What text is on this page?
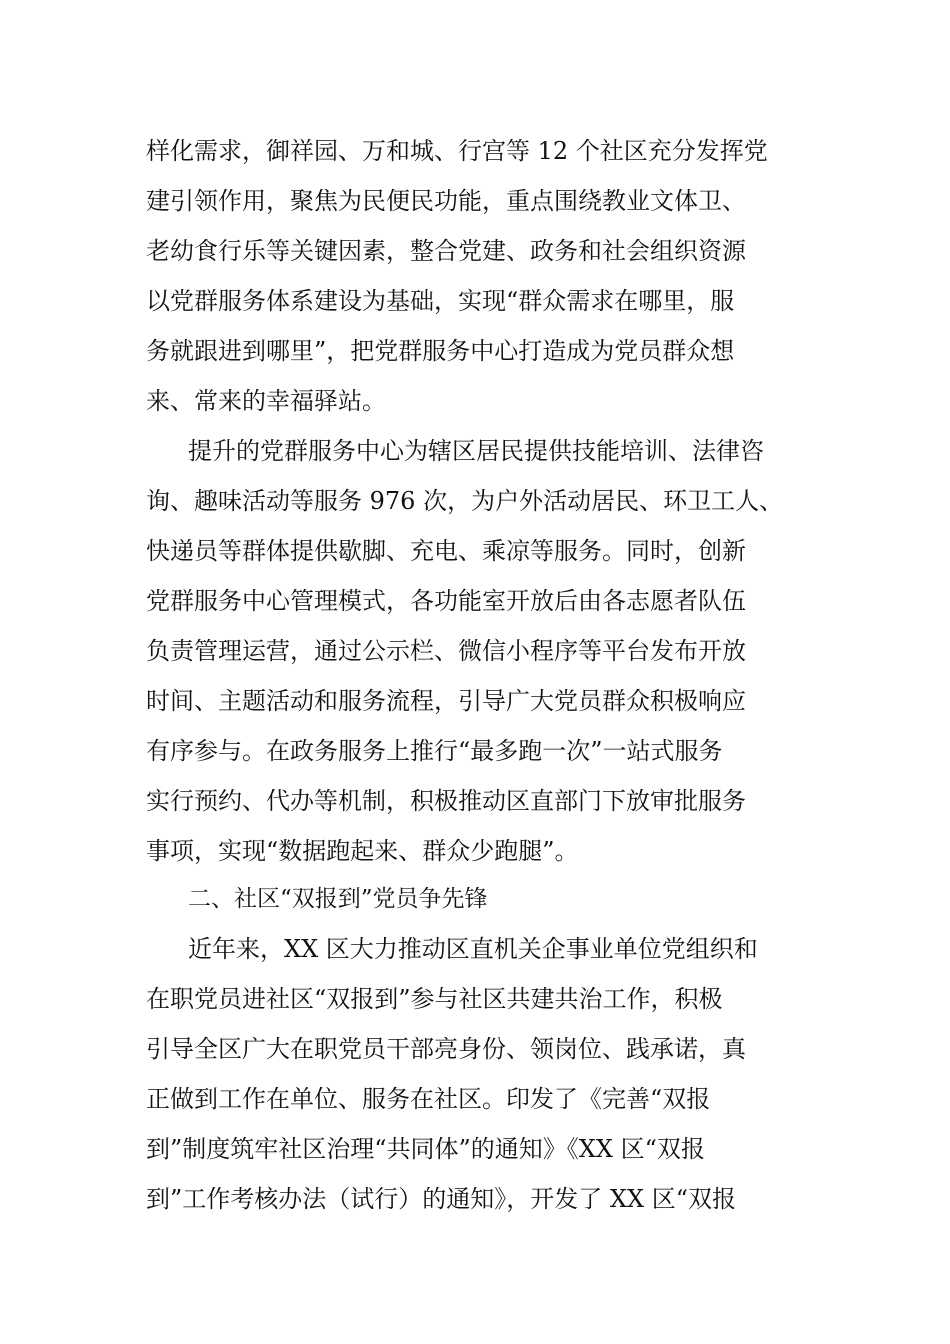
样化需求，御祥园、万和城、行宫等 12 个社区充分发挥党

建引领作用，聚焦为民便民功能，重点围绕教业文体卫、

老幼食行乐等关键因素，整合党建、政务和社会组织资源

以党群服务体系建设为基础，实现“群众需求在哪里，服

务就跟进到哪里”，把党群服务中心打造成为党员群众想

来、常来的幸福驿站。

提升的党群服务中心为辖区居民提供技能培训、法律咨

询、趣味活动等服务 976 次，为户外活动居民、环卫工人、

快递员等群体提供歇脚、充电、乘凉等服务。同时，创新

党群服务中心管理模式，各功能室开放后由各志愿者队伍

负责管理运营，通过公示栏、微信小程序等平台发布开放

时间、主题活动和服务流程，引导广大党员群众积极响应

有序参与。在政务服务上推行“最多跑一次”一站式服务

实行预约、代办等机制，积极推动区直部门下放审批服务

事项，实现“数据跑起来、群众少跑腿”。

二、社区“双报到”党员争先锋

近年来，XX 区大力推动区直机关企事业单位党组织和

在职党员进社区“双报到”参与社区共建共治工作，积极

引导全区广大在职党员干部亮身份、领岗位、践承诺，真

正做到工作在单位、服务在社区。印发了《完善“双报

到”制度筑牢社区治理“共同体”的通知》《XX 区“双报

到”工作考核办法（试行）的通知》，开发了 XX 区“双报
